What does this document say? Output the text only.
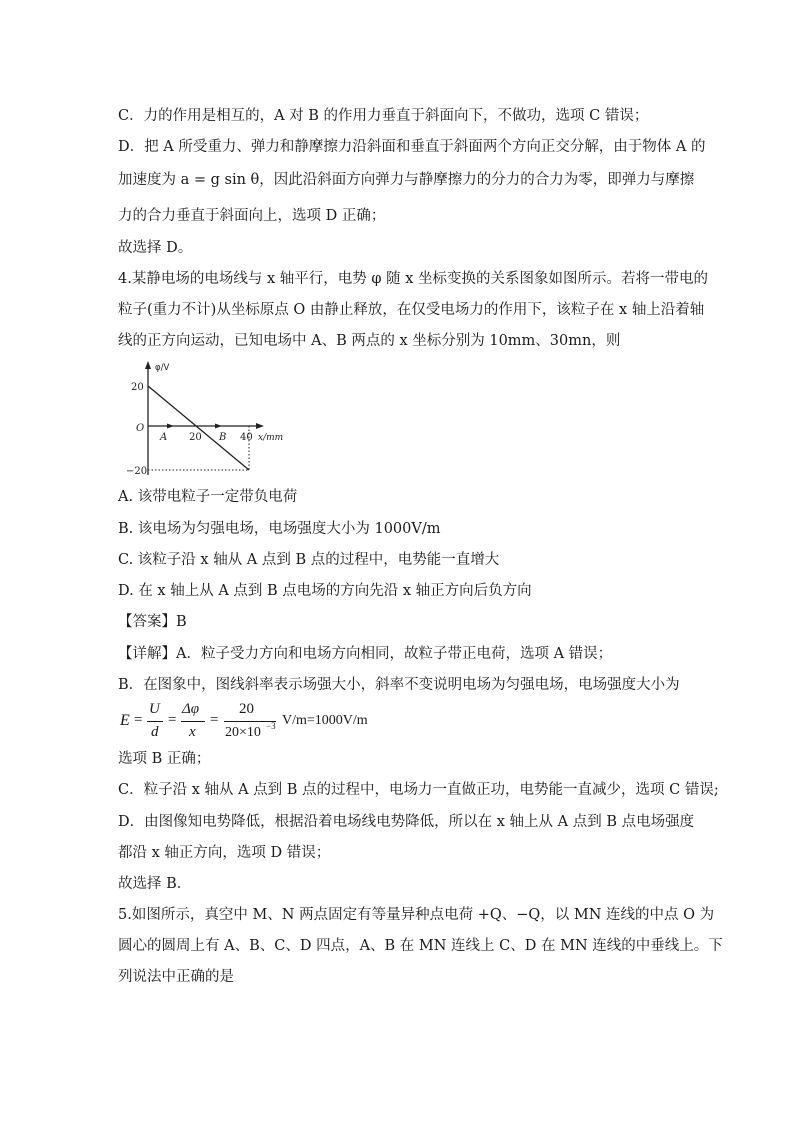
C．力的作用是相互的，A 对 B 的作用力垂直于斜面向下，不做功，选项 C 错误；
D．把 A 所受重力、弹力和静摩擦力沿斜面和垂直于斜面两个方向正交分解，由于物体 A 的
加速度为 a = g sin θ，因此沿斜面方向弹力与静摩擦力的分力的合力为零，即弹力与摩擦
力的合力垂直于斜面向上，选项 D 正确；
故选择 D。
4.某静电场的电场线与 x 轴平行，电势 φ 随 x 坐标变换的关系图象如图所示。若将一带电的
粒子(重力不计)从坐标原点 O 由静止释放，在仅受电场力的作用下，该粒子在 x 轴上沿着轴
线的正方向运动，已知电场中 A、B 两点的 x 坐标分别为 10mm、30mn，则
A. 该带电粒子一定带负电荷
B. 该电场为匀强电场，电场强度大小为 1000V/m
C. 该粒子沿 x 轴从 A 点到 B 点的过程中，电势能一直增大
D. 在 x 轴上从 A 点到 B 点电场的方向先沿 x 轴正方向后负方向
【答案】B
【详解】A．粒子受力方向和电场方向相同，故粒子带正电荷，选项 A 错误；
B．在图象中，图线斜率表示场强大小，斜率不变说明电场为匀强电场，电场强度大小为
选项 B 正确；
C．粒子沿 x 轴从 A 点到 B 点的过程中，电场力一直做正功，电势能一直减少，选项 C 错误;
D．由图像知电势降低，根据沿着电场线电势降低，所以在 x 轴上从 A 点到 B 点电场强度
都沿 x 轴正方向，选项 D 错误；
故选择 B．
5.如图所示，真空中 M、N 两点固定有等量异种点电荷 +Q、−Q，以 MN 连线的中点 O 为
圆心的圆周上有 A、B、C、D 四点，A、B 在 MN 连线上 C、D 在 MN 连线的中垂线上。下
列说法中正确的是
φ/V
x/mm
20
−20
O
A 20 B 40
E =
U
d
=
Δφ
x
=
20
20×10 −3 V/m=1000V/m
